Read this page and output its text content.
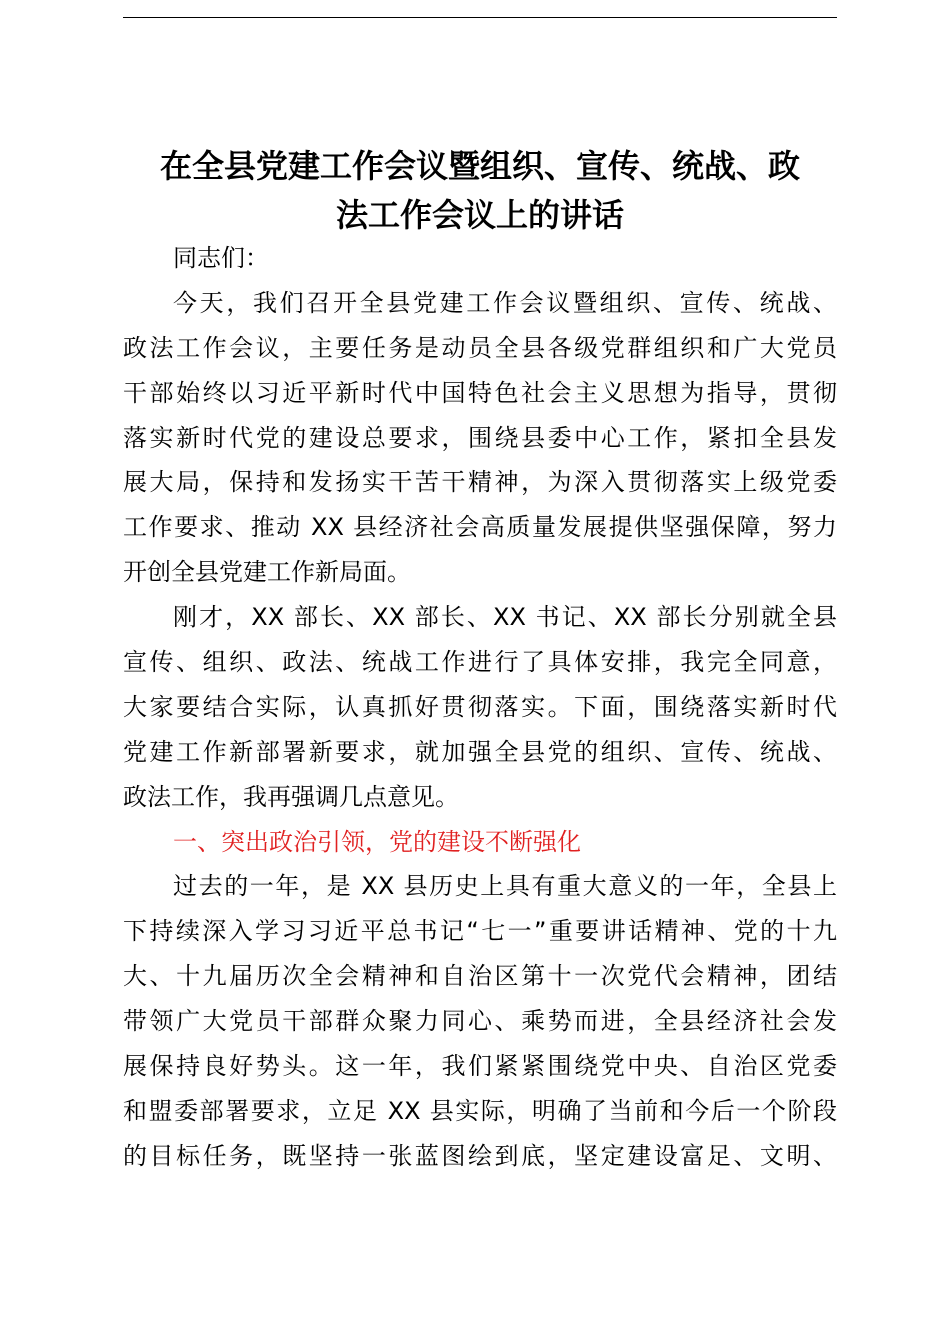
在全县党建工作会议暨组织、宣传、统战、政
法工作会议上的讲话
同志们：
今天，我们召开全县党建工作会议暨组织、宣传、统战、
政法工作会议，主要任务是动员全县各级党群组织和广大党员
干部始终以习近平新时代中国特色社会主义思想为指导，贯彻
落实新时代党的建设总要求，围绕县委中心工作，紧扣全县发
展大局，保持和发扬实干苦干精神，为深入贯彻落实上级党委
工作要求、推动 XX 县经济社会高质量发展提供坚强保障，努力
开创全县党建工作新局面。
刚才，XX 部长、XX 部长、XX 书记、XX 部长分别就全县
宣传、组织、政法、统战工作进行了具体安排，我完全同意，
大家要结合实际，认真抓好贯彻落实。下面，围绕落实新时代
党建工作新部署新要求，就加强全县党的组织、宣传、统战、
政法工作，我再强调几点意见。
一、突出政治引领，党的建设不断强化
过去的一年，是 XX 县历史上具有重大意义的一年，全县上
下持续深入学习习近平总书记“七一”重要讲话精神、党的十九
大、十九届历次全会精神和自治区第十一次党代会精神，团结
带领广大党员干部群众聚力同心、乘势而进，全县经济社会发
展保持良好势头。这一年，我们紧紧围绕党中央、自治区党委
和盟委部署要求，立足 XX 县实际，明确了当前和今后一个阶段
的目标任务，既坚持一张蓝图绘到底，坚定建设富足、文明、
